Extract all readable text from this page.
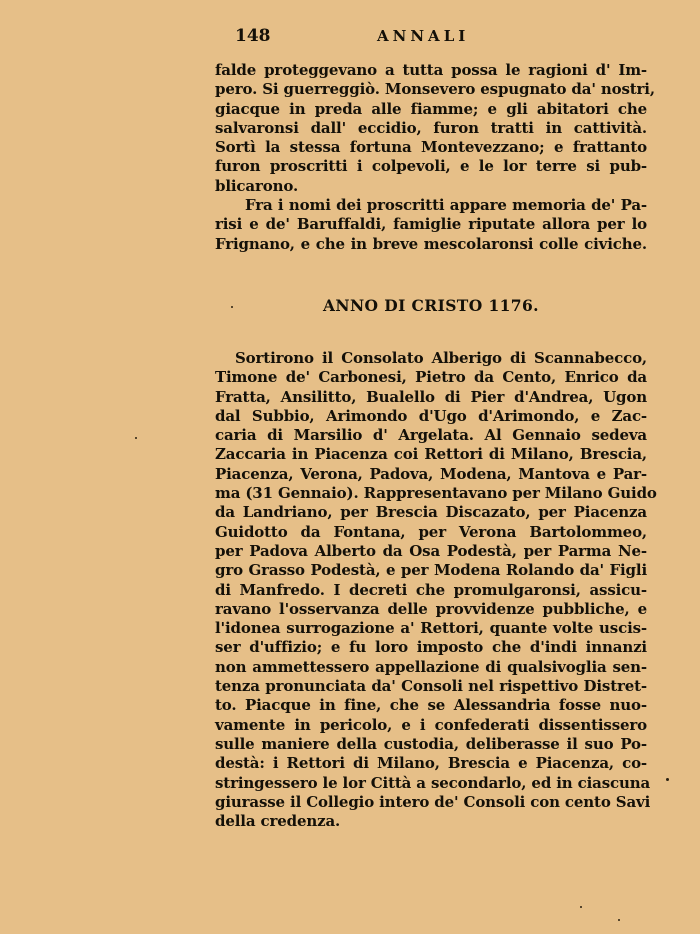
148	ANNALI
falde proteggevano a tutta possa le ragioni d' Im-
pero. Si guerreggiò. Monsevero espugnato da' nostri,
giacque in preda alle fiamme; e gli abitatori che
salvaronsi dall' eccidio, furon tratti in cattività.
Sortì la stessa fortuna Montevezzano; e frattanto
furon proscritti i colpevoli, e le lor terre si pub-
blicarono.
Fra i nomi dei proscritti appare memoria de' Pa-
risi e de' Baruffaldi, famiglie riputate allora per lo
Frignano, e che in breve mescolaronsi colle civiche.
ANNO DI CRISTO 1176.
Sortirono il Consolato Alberigo di Scannabecco,
Timone de' Carbonesi, Pietro da Cento, Enrico da
Fratta, Ansilitto, Bualello di Pier d'Andrea, Ugon
dal Subbio, Arimondo d'Ugo d'Arimondo, e Zac-
caria di Marsilio d' Argelata. Al Gennaio sedeva
Zaccaria in Piacenza coi Rettori di Milano, Brescia,
Piacenza, Verona, Padova, Modena, Mantova e Par-
ma (31 Gennaio). Rappresentavano per Milano Guido
da Landriano, per Brescia Discazato, per Piacenza
Guidotto da Fontana, per Verona Bartolommeo,
per Padova Alberto da Osa Podestà, per Parma Ne-
gro Grasso Podestà, e per Modena Rolando da' Figli
di Manfredo. I decreti che promulgaronsi, assicu-
ravano l'osservanza delle provvidenze pubbliche, e
l'idonea surrogazione a' Rettori, quante volte uscis-
ser d'uffizio; e fu loro imposto che d'indi innanzi
non ammettessero appellazione di qualsivoglia sen-
tenza pronunciata da' Consoli nel rispettivo Distret-
to. Piacque in fine, che se Alessandria fosse nuo-
vamente in pericolo, e i confederati dissentissero
sulle maniere della custodia, deliberasse il suo Po-
destà: i Rettori di Milano, Brescia e Piacenza, co-
stringessero le lor Città a secondarlo, ed in ciascuna
giurasse il Collegio intero de' Consoli con cento Savi
della credenza.
